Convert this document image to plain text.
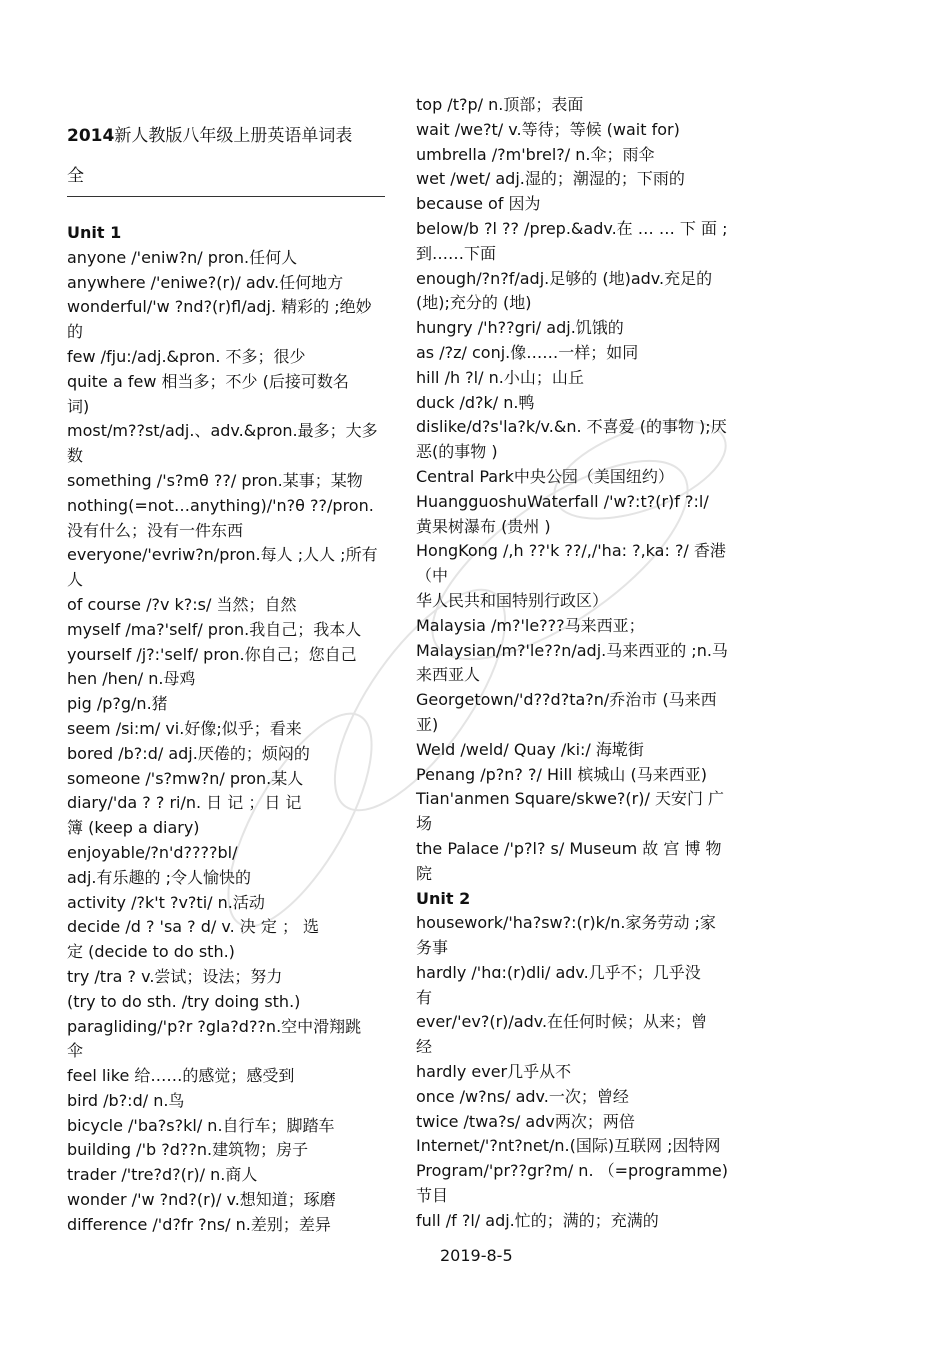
2014新人教版八年级上册英语单词表
全
Unit 1
anyone /'eniw?n/ pron.任何人
anywhere /'eniwe?(r)/ adv.任何地方
wonderful/'w ?nd?(r)fl/adj. 精彩的 ;绝妙
的
few /fju:/adj.&pron. 不多；很少
quite a few 相当多；不少 (后接可数名
词)
most/m??st/adj.、adv.&pron.最多；大多
数
something /'s?mθ ??/ pron.某事；某物
nothing(=not…anything)/'n?θ ??/pron.
没有什么；没有一件东西
everyone/'evriw?n/pron.每人 ;人人 ;所有
人
of course /?v k?:s/ 当然；自然
myself /ma?'self/ pron.我自己；我本人
yourself /j?:'self/ pron.你自己；您自己
hen /hen/ n.母鸡
pig /p?g/n.猪
seem /si:m/ vi.好像;似乎；看来
bored /b?:d/ adj.厌倦的；烦闷的
someone /'s?mw?n/ pron.某人
diary/'da ? ? ri/n. 日 记 ；日 记
簿 (keep a diary)
enjoyable/?n'd????bl/
adj.有乐趣的 ;令人愉快的
activity /?k't ?v?ti/ n.活动
decide /d ? 'sa ? d/ v. 决 定 ； 选
定 (decide to do sth.)
try /tra ? v.尝试；设法；努力
(try to do sth. /try doing sth.)
paragliding/'p?r ?gla?d??n.空中滑翔跳
伞
feel like 给……的感觉；感受到
bird /b?:d/ n.鸟
bicycle /'ba?s?kl/ n.自行车；脚踏车
building /'b ?d??n.建筑物；房子
trader /'tre?d?(r)/ n.商人
wonder /'w ?nd?(r)/ v.想知道；琢磨
difference /'d?fr ?ns/ n.差别；差异
top /t?p/ n.顶部；表面
wait /we?t/ v.等待；等候 (wait for)
umbrella /?m'brel?/ n.伞；雨伞
wet /wet/ adj.湿的；潮湿的；下雨的
because of 因为
below/b ?l ?? /prep.&adv.在 … … 下 面 ;
到……下面
enough/?n?f/adj.足够的 (地)adv.充足的
(地);充分的 (地)
hungry /'h??gri/ adj.饥饿的
as /?z/ conj.像……一样；如同
hill /h ?l/ n.小山；山丘
duck /d?k/ n.鸭
dislike/d?s'la?k/v.&n. 不喜爱 (的事物 );厌
恶(的事物 )
Central Park中央公园（美国纽约）
HuangguoshuWaterfall /'w?:t?(r)f ?:l/
黄果树瀑布 (贵州 )
HongKong /,h ??'k ??/,/'ha: ?,ka: ?/ 香港
（中
华人民共和国特别行政区）
Malaysia /m?'le???马来西亚；
Malaysian/m?'le??n/adj.马来西亚的 ;n.马
来西亚人
Georgetown/'d??d?ta?n/乔治市 (马来西
亚)
Weld /weld/ Quay /ki:/ 海墘街
Penang /p?n? ?/ Hill 槟城山 (马来西亚)
Tian'anmen Square/skwe?(r)/ 天安门 广
场
the Palace /'p?l? s/ Museum 故 宫 博 物
院
Unit 2
housework/'ha?sw?:(r)k/n.家务劳动 ;家
务事
hardly /'hɑ:(r)dli/ adv.几乎不；几乎没
有
ever/'ev?(r)/adv.在任何时候；从来；曾
经
hardly ever几乎从不
once /w?ns/ adv.一次；曾经
twice /twa?s/ adv两次；两倍
Internet/'?nt?net/n.(国际)互联网 ;因特网
Program/'pr??gr?m/ n. （=programme)
节目
full /f ?l/ adj.忙的；满的；充满的
2019-8-5
